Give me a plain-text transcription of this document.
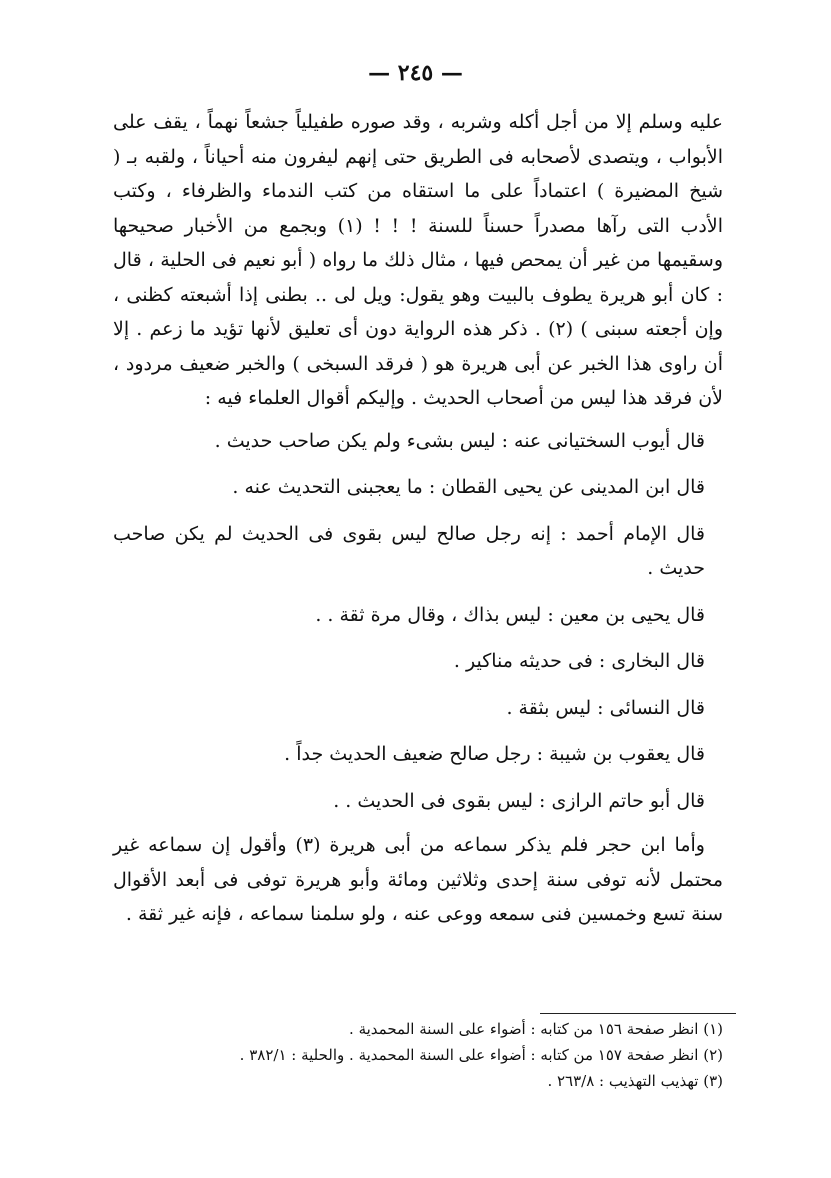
— ٢٤٥ —

عليه وسلم إلا من أجل أكله وشربه ، وقد صوره طفيلياً جشعاً نهماً ، يقف على الأبواب ، ويتصدى لأصحابه فى الطريق حتى إنهم ليفرون منه أحياناً ، ولقبه بـ ( شيخ المضيرة ) اعتماداً على ما استقاه من كتب الندماء والظرفاء ، وكتب الأدب التى رآها مصدراً حسناً للسنة ! ! ! (١) وبجمع من الأخبار صحيحها وسقيمها من غير أن يمحص فيها ، مثال ذلك ما رواه ( أبو نعيم فى الحلية ، قال : كان أبو هريرة يطوف بالبيت وهو يقول: ويل لى .. بطنى إذا أشبعته كظنى ، وإن أجعته سبنى ) (٢) . ذكر هذه الرواية دون أى تعليق لأنها تؤيد ما زعم . إلا أن راوى هذا الخبر عن أبى هريرة هو ( فرقد السبخى ) والخبر ضعيف مردود ، لأن فرقد هذا ليس من أصحاب الحديث . وإليكم أقوال العلماء فيه :

قال أيوب السختيانى عنه : ليس بشىء ولم يكن صاحب حديث .

قال ابن المدينى عن يحيى القطان : ما يعجبنى التحديث عنه .

قال الإمام أحمد : إنه رجل صالح ليس بقوى فى الحديث لم يكن صاحب حديث .

قال يحيى بن معين : ليس بذاك ، وقال مرة ثقة . .

قال البخارى : فى حديثه مناكير .

قال النسائى : ليس بثقة .

قال يعقوب بن شيبة : رجل صالح ضعيف الحديث جداً .

قال أبو حاتم الرازى : ليس بقوى فى الحديث . .

وأما ابن حجر فلم يذكر سماعه من أبى هريرة (٣) وأقول إن سماعه غير محتمل لأنه توفى سنة إحدى وثلاثين ومائة وأبو هريرة توفى فى أبعد الأقوال سنة تسع وخمسين فنى سمعه ووعى عنه ، ولو سلمنا سماعه ، فإنه غير ثقة .

(١) انظر صفحة ١٥٦ من كتابه : أضواء على السنة المحمدية .

(٢) انظر صفحة ١٥٧ من كتابه : أضواء على السنة المحمدية . والحلية : ٣٨٢/١ .

(٣) تهذيب التهذيب : ٢٦٣/٨ .
